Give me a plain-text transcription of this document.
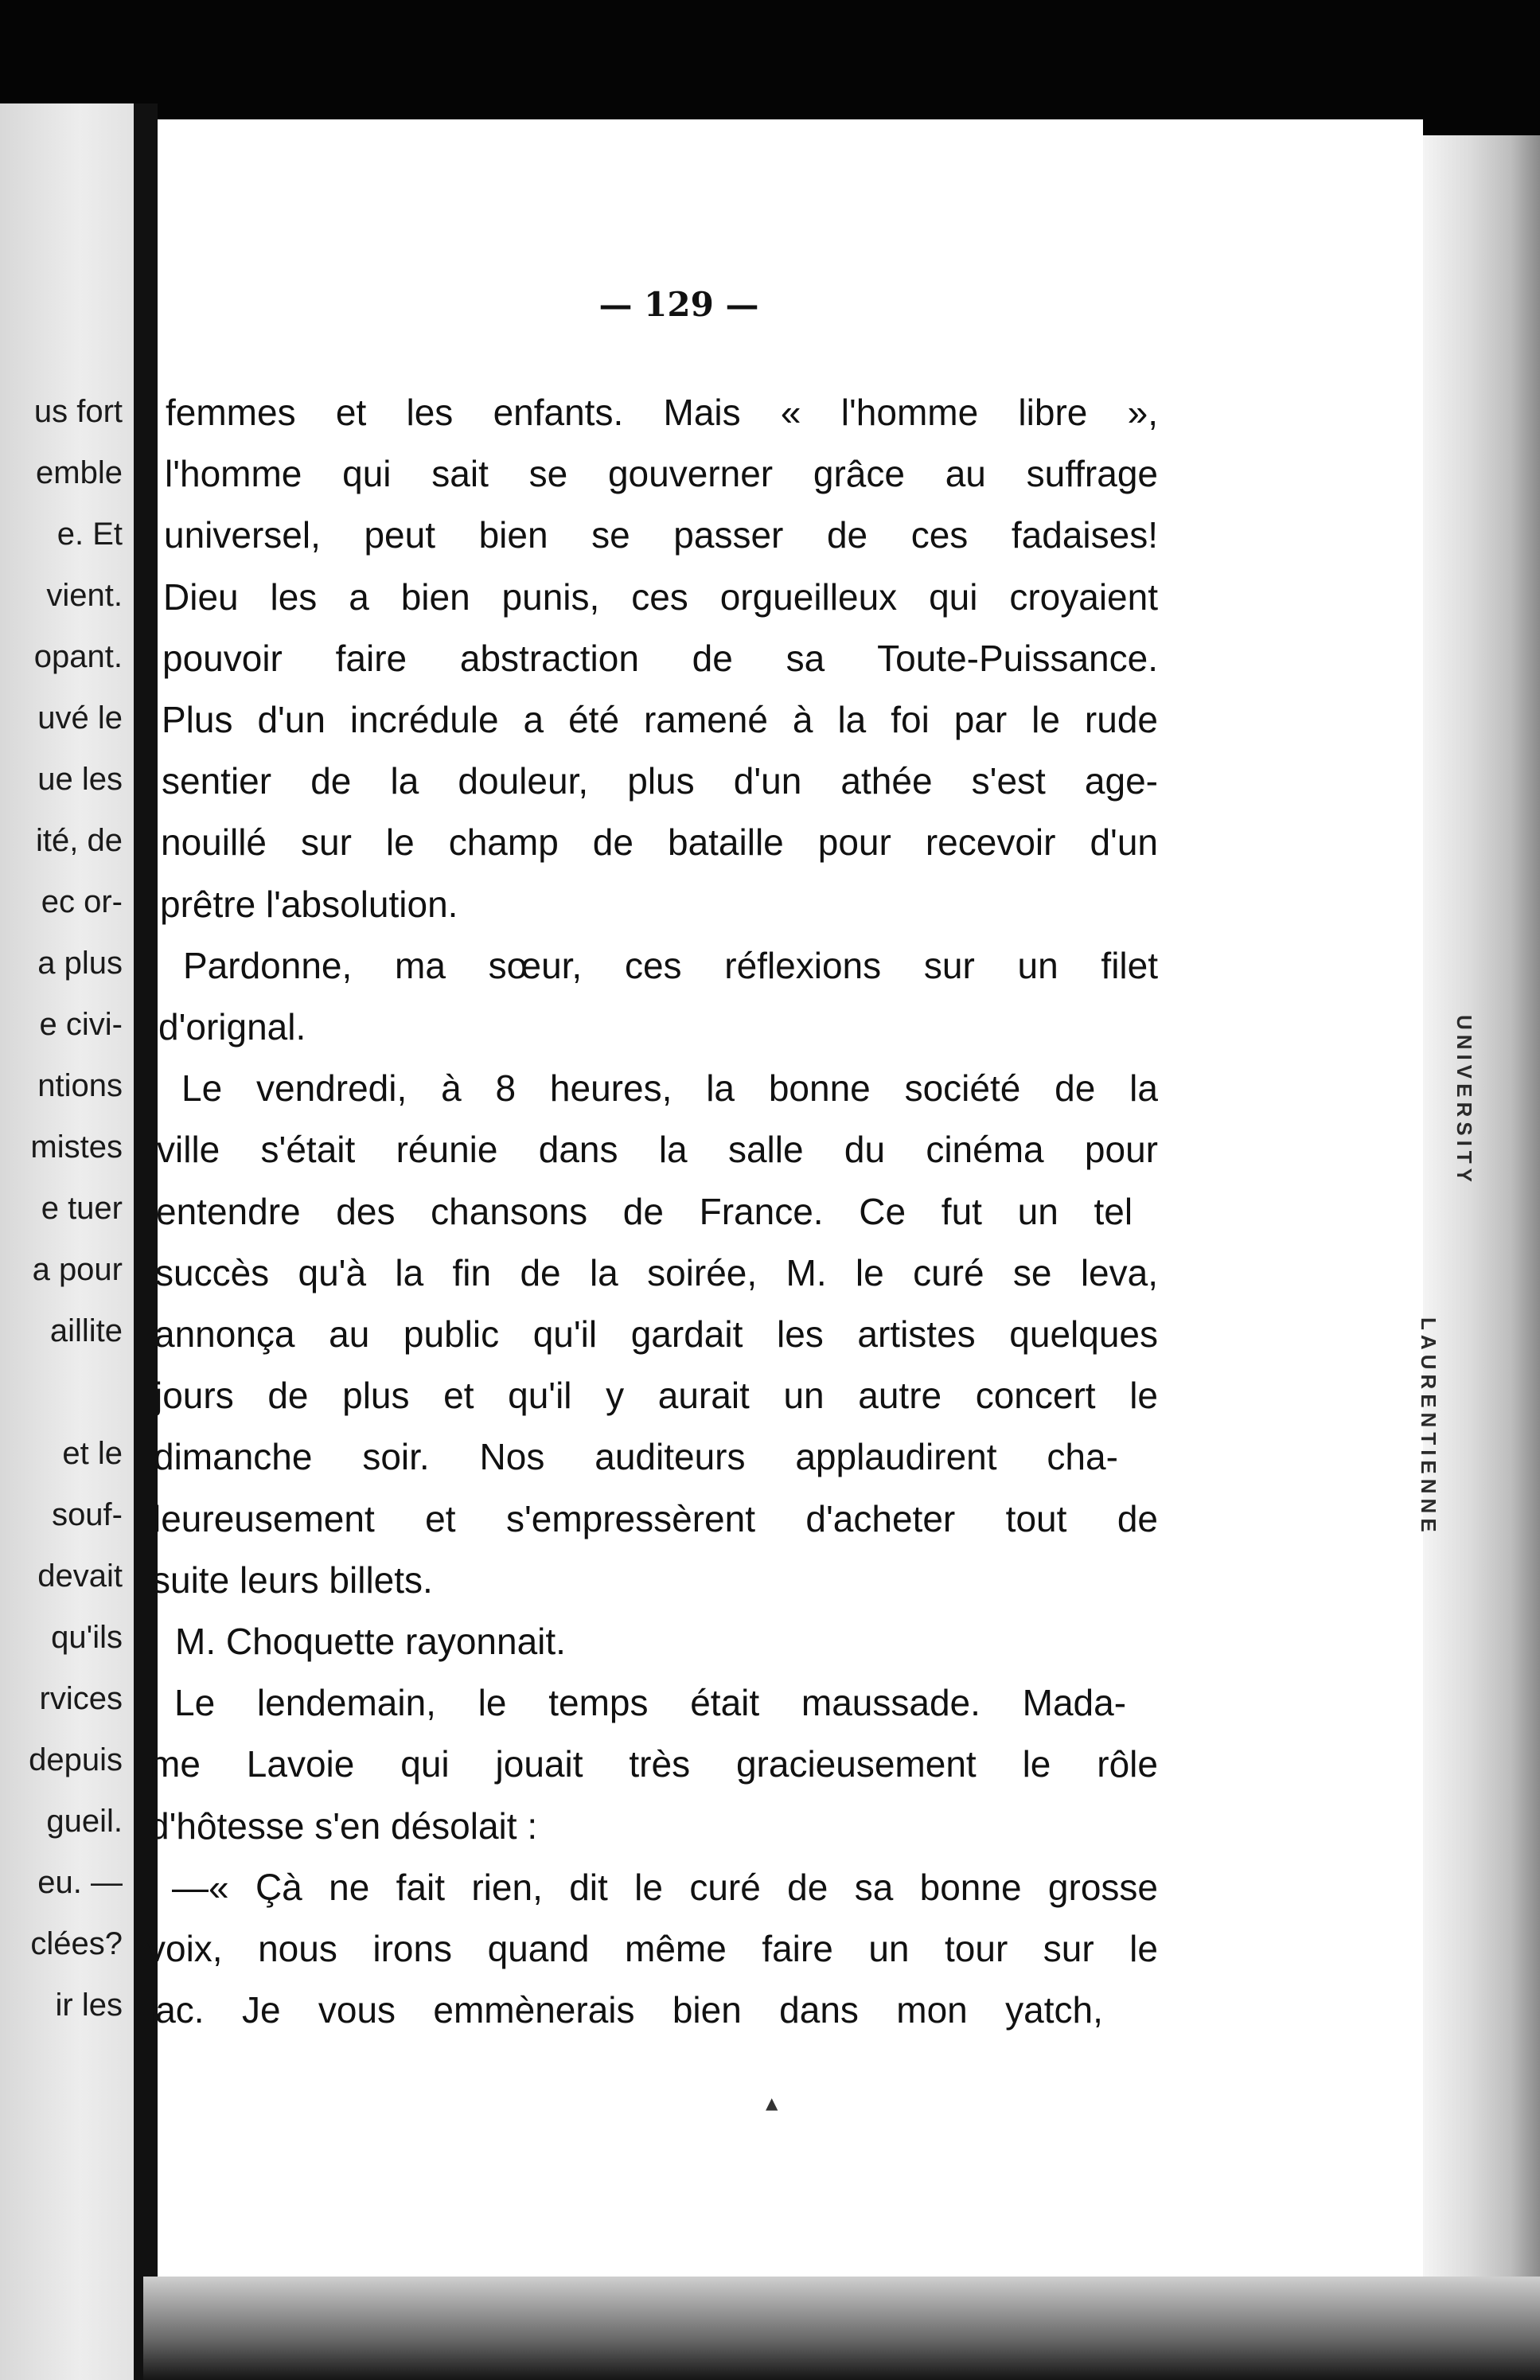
us fort
emble
e. Et
vient.
opant.
uvé le
ue les
ité, de
ec or-
a plus
e civi-
ntions
mistes
e tuer
a pour
aillite
et le
souf-
devait
qu'ils
rvices
depuis
gueil.
eu. —
clées?
ir les
— 129 —
femmes et les enfants. Mais « l'homme libre »,
l'homme qui sait se gouverner grâce au suffrage
universel, peut bien se passer de ces fadaises!
Dieu les a bien punis, ces orgueilleux qui croyaient
pouvoir faire abstraction de sa Toute-Puissance.
Plus d'un incrédule a été ramené à la foi par le rude
sentier de la douleur, plus d'un athée s'est age-
nouillé sur le champ de bataille pour recevoir d'un
prêtre l'absolution.
Pardonne, ma sœur, ces réflexions sur un filet
d'orignal.
Le vendredi, à 8 heures, la bonne société de la
ville s'était réunie dans la salle du cinéma pour
entendre des chansons de France. Ce fut un tel
succès qu'à la fin de la soirée, M. le curé se leva,
annonça au public qu'il gardait les artistes quelques
jours de plus et qu'il y aurait un autre concert le
dimanche soir. Nos auditeurs applaudirent cha-
leureusement et s'empressèrent d'acheter tout de
suite leurs billets.
M. Choquette rayonnait.
Le lendemain, le temps était maussade. Mada-
me Lavoie qui jouait très gracieusement le rôle
d'hôtesse s'en désolait :
—« Çà ne fait rien, dit le curé de sa bonne grosse
voix, nous irons quand même faire un tour sur le
lac. Je vous emmènerais bien dans mon yatch,
UNIVERSITY
LAURENTIENNE
▲
